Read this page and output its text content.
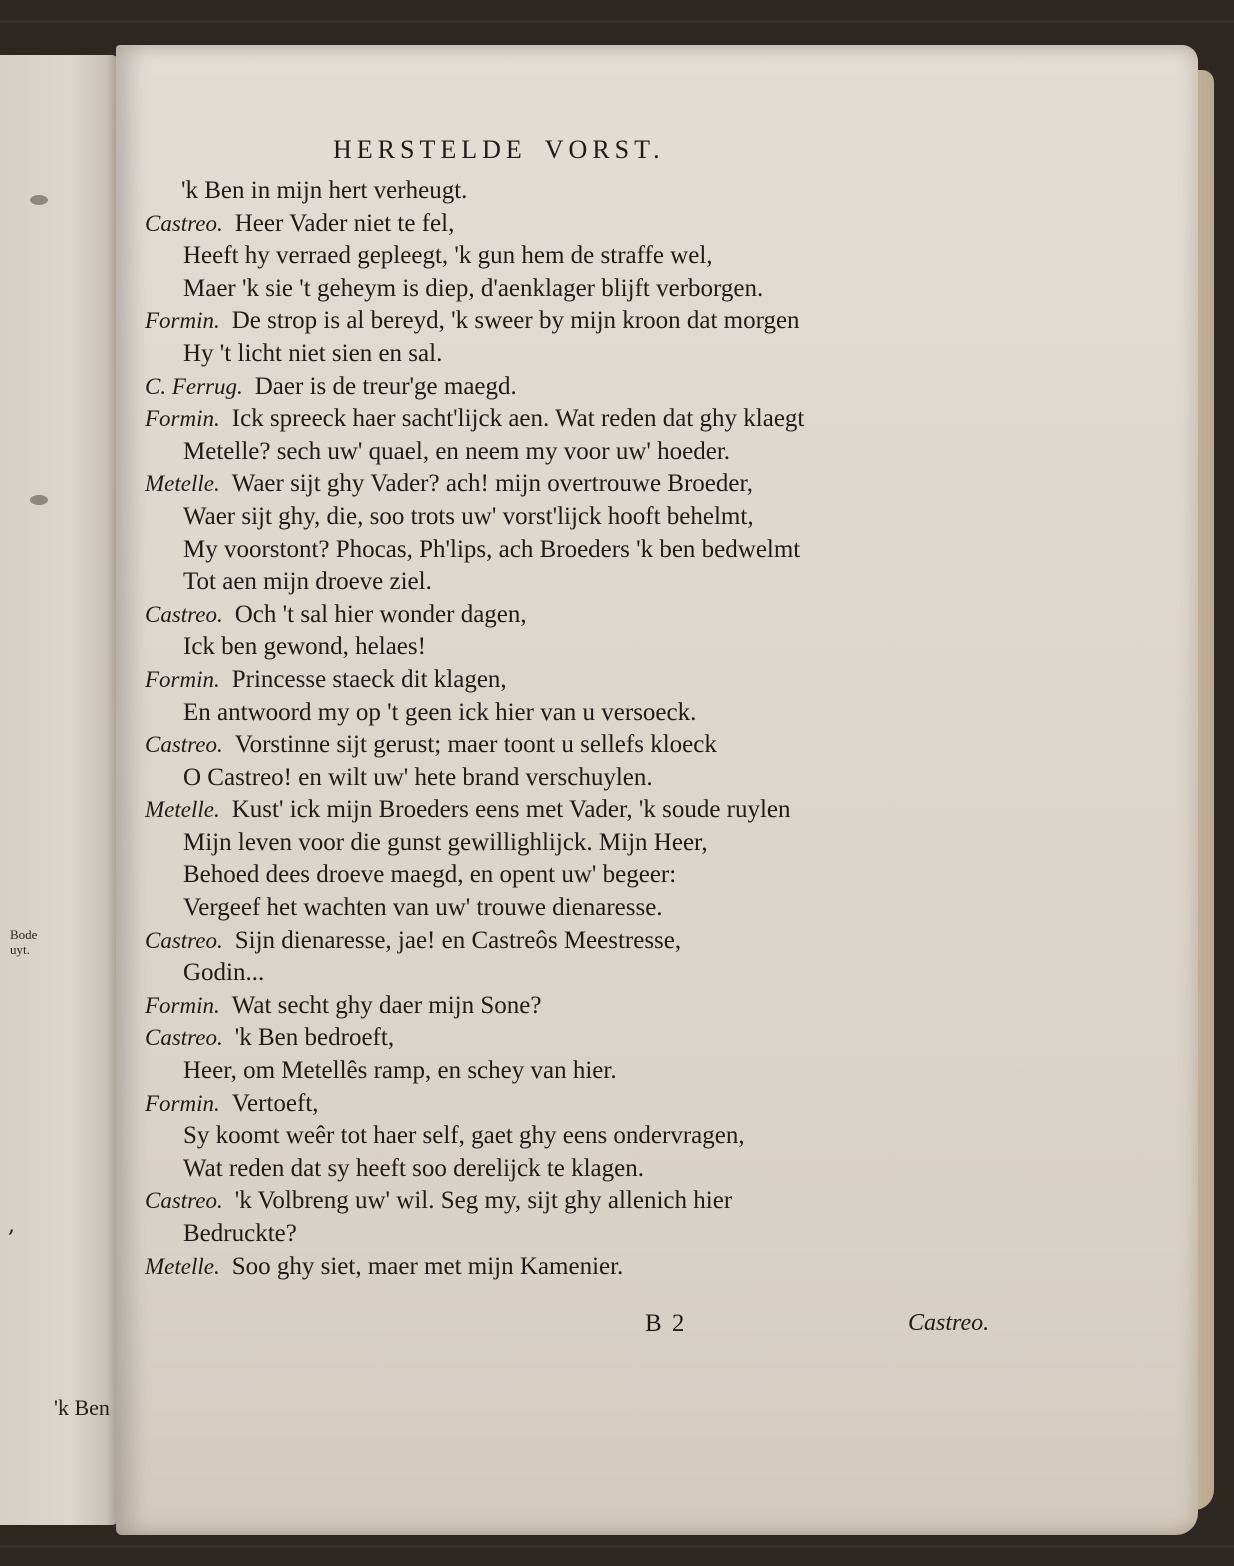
Bode
uyt.
,
'k Ben
HERSTELDE VORST.
'k Ben in mijn hert verheugt.
Castreo. Heer Vader niet te fel,
Heeft hy verraed gepleegt, 'k gun hem de straffe wel,
Maer 'k sie 't geheym is diep, d'aenklager blijft verborgen.
Formin. De strop is al bereyd, 'k sweer by mijn kroon dat morgen
Hy 't licht niet sien en sal.
C. Ferrug. Daer is de treur'ge maegd.
Formin. Ick spreeck haer sacht'lijck aen. Wat reden dat ghy klaegt
Metelle? sech uw' quael, en neem my voor uw' hoeder.
Metelle. Waer sijt ghy Vader? ach! mijn overtrouwe Broeder,
Waer sijt ghy, die, soo trots uw' vorst'lijck hooft behelmt,
My voorstont? Phocas, Ph'lips, ach Broeders 'k ben bedwelmt
Tot aen mijn droeve ziel.
Castreo. Och 't sal hier wonder dagen,
Ick ben gewond, helaes!
Formin. Princesse staeck dit klagen,
En antwoord my op 't geen ick hier van u versoeck.
Castreo. Vorstinne sijt gerust; maer toont u sellefs kloeck
O Castreo! en wilt uw' hete brand verschuylen.
Metelle. Kust' ick mijn Broeders eens met Vader, 'k soude ruylen
Mijn leven voor die gunst gewillighlijck. Mijn Heer,
Behoed dees droeve maegd, en opent uw' begeer:
Vergeef het wachten van uw' trouwe dienaresse.
Castreo. Sijn dienaresse, jae! en Castreôs Meestresse,
Godin...
Formin. Wat secht ghy daer mijn Sone?
Castreo. 'k Ben bedroeft,
Heer, om Metellês ramp, en schey van hier.
Formin. Vertoeft,
Sy koomt weêr tot haer self, gaet ghy eens ondervragen,
Wat reden dat sy heeft soo derelijck te klagen.
Castreo. 'k Volbreng uw' wil. Seg my, sijt ghy allenich hier
Bedruckte?
Metelle. Soo ghy siet, maer met mijn Kamenier.
B 2	Castreo.
